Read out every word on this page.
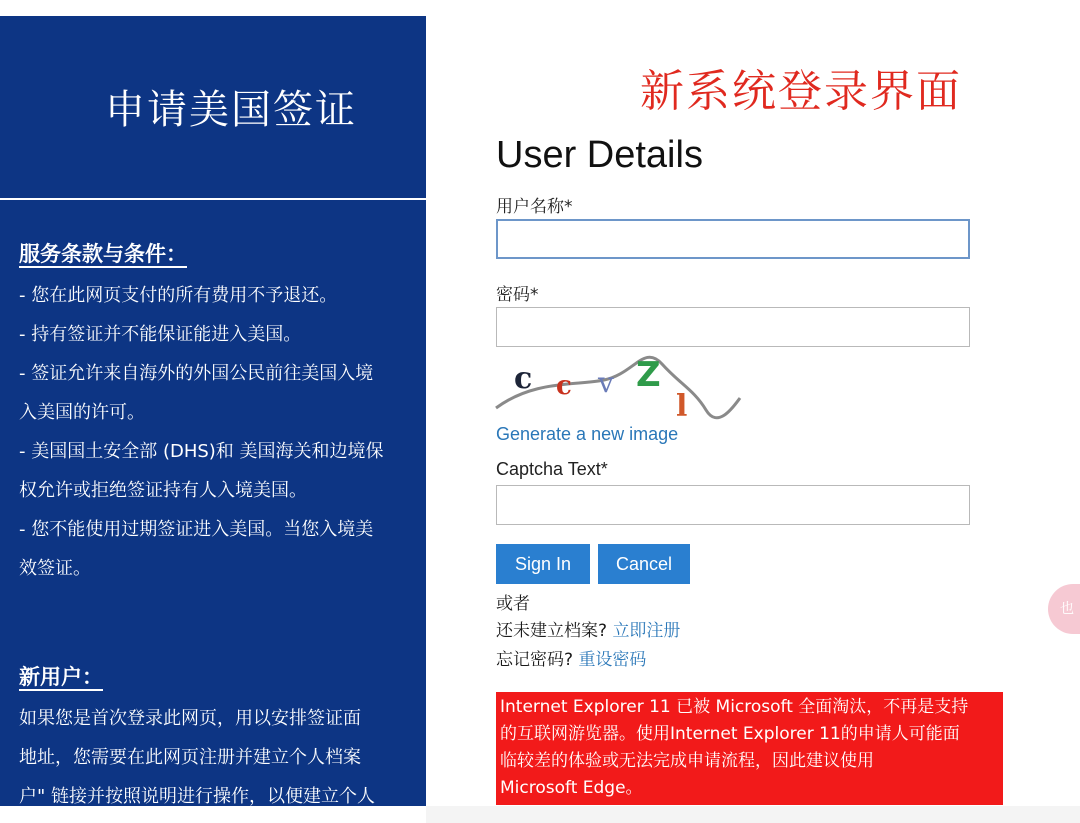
申请美国签证
服务条款与条件：
- 您在此网页支付的所有费用不予退还。
- 持有签证并不能保证能进入美国。
- 签证允许来自海外的外国公民前往美国入境
入美国的许可。
- 美国国土安全部 (DHS)和 美国海关和边境保
权允许或拒绝签证持有人入境美国。
- 您不能使用过期签证进入美国。当您入境美
效签证。
新用户：
如果您是首次登录此网页，用以安排签证面
地址，您需要在此网页注册并建立个人档案
户" 链接并按照说明进行操作，以便建立个人
新系统登录界面
User Details
用户名称*
密码*
c c v Z
l
Generate a new image
Captcha Text*
Sign In	Cancel
或者
还未建立档案? 立即注册
忘记密码? 重设密码
Internet Explorer 11 已被 Microsoft 全面淘汰，不再是支持
的互联网游览器。使用Internet Explorer 11的申请人可能面
临较差的体验或无法完成申请流程，因此建议使用
Microsoft Edge。
也
